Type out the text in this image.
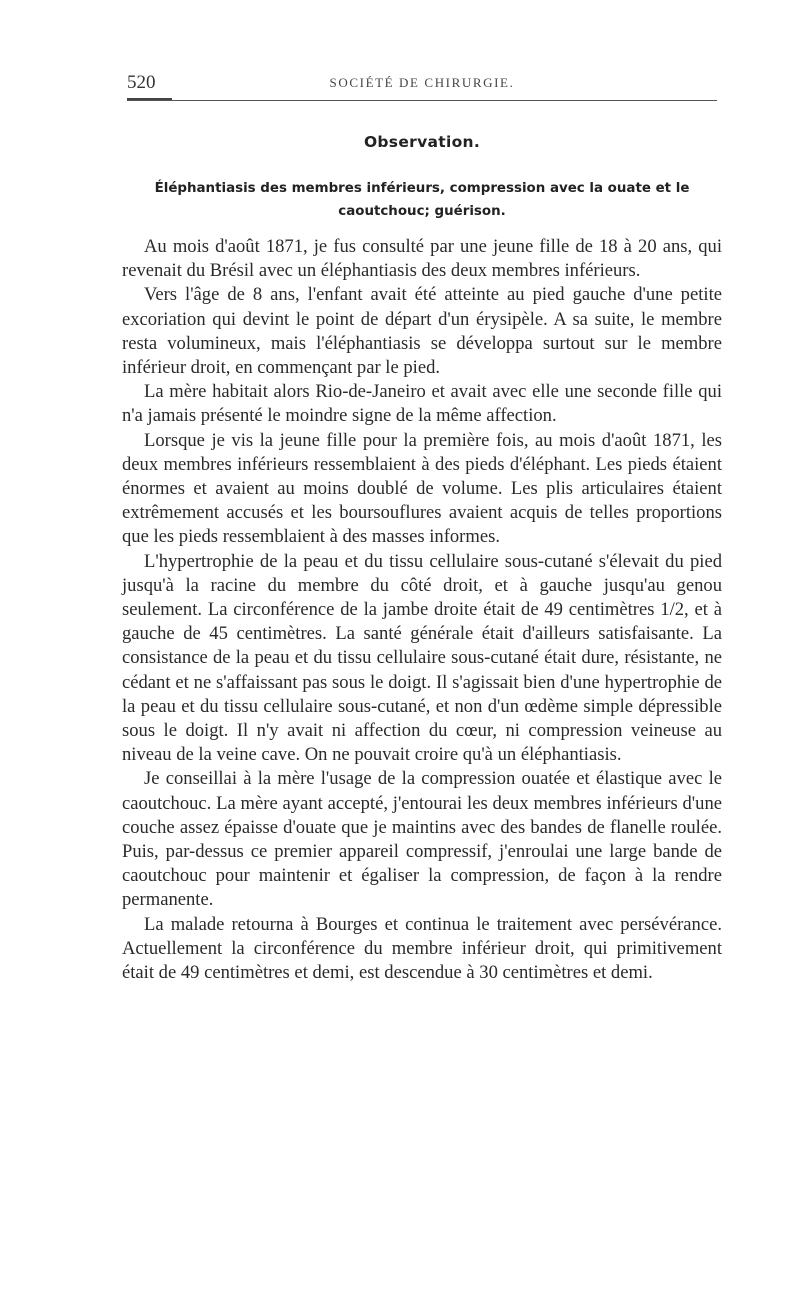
520	SOCIÉTÉ DE CHIRURGIE.
Observation.
Éléphantiasis des membres inférieurs, compression avec la ouate et le caoutchouc; guérison.

Au mois d'août 1871, je fus consulté par une jeune fille de 18 à 20 ans, qui revenait du Brésil avec un éléphantiasis des deux membres inférieurs.

Vers l'âge de 8 ans, l'enfant avait été atteinte au pied gauche d'une petite excoriation qui devint le point de départ d'un érysipèle. A sa suite, le membre resta volumineux, mais l'éléphantiasis se développa surtout sur le membre inférieur droit, en commençant par le pied.

La mère habitait alors Rio-de-Janeiro et avait avec elle une seconde fille qui n'a jamais présenté le moindre signe de la même affection.

Lorsque je vis la jeune fille pour la première fois, au mois d'août 1871, les deux membres inférieurs ressemblaient à des pieds d'éléphant. Les pieds étaient énormes et avaient au moins doublé de volume. Les plis articulaires étaient extrêmement accusés et les boursouflures avaient acquis de telles proportions que les pieds ressemblaient à des masses informes.

L'hypertrophie de la peau et du tissu cellulaire sous-cutané s'élevait du pied jusqu'à la racine du membre du côté droit, et à gauche jusqu'au genou seulement. La circonférence de la jambe droite était de 49 centimètres 1/2, et à gauche de 45 centimètres. La santé générale était d'ailleurs satisfaisante. La consistance de la peau et du tissu cellulaire sous-cutané était dure, résistante, ne cédant et ne s'affaissant pas sous le doigt. Il s'agissait bien d'une hypertrophie de la peau et du tissu cellulaire sous-cutané, et non d'un œdème simple dépressible sous le doigt. Il n'y avait ni affection du cœur, ni compression veineuse au niveau de la veine cave. On ne pouvait croire qu'à un éléphantiasis.

Je conseillai à la mère l'usage de la compression ouatée et élastique avec le caoutchouc. La mère ayant accepté, j'entourai les deux membres inférieurs d'une couche assez épaisse d'ouate que je maintins avec des bandes de flanelle roulée. Puis, par-dessus ce premier appareil compressif, j'enroulai une large bande de caoutchouc pour maintenir et égaliser la compression, de façon à la rendre permanente.

La malade retourna à Bourges et continua le traitement avec persévérance. Actuellement la circonférence du membre inférieur droit, qui primitivement était de 49 centimètres et demi, est descendue à 30 centimètres et demi.
